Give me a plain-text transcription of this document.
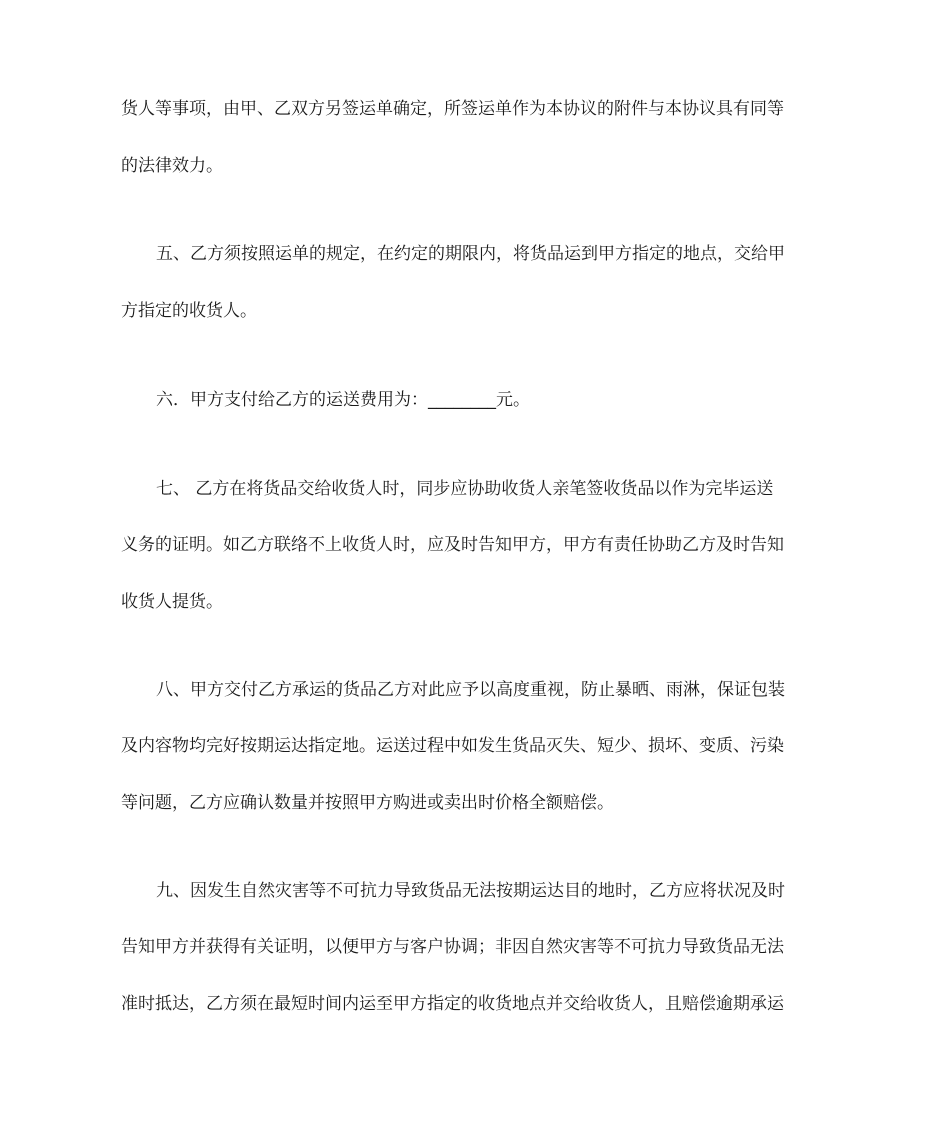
货人等事项，由甲、乙双方另签运单确定，所签运单作为本协议的附件与本协议具有同等

的法律效力。

五、乙方须按照运单的规定，在约定的期限内，将货品运到甲方指定的地点，交给甲

方指定的收货人。

六．甲方支付给乙方的运送费用为：________元。

七、 乙方在将货品交给收货人时，同步应协助收货人亲笔签收货品以作为完毕运送

义务的证明。如乙方联络不上收货人时，应及时告知甲方，甲方有责任协助乙方及时告知

收货人提货。

八、甲方交付乙方承运的货品乙方对此应予以高度重视，防止暴晒、雨淋，保证包装

及内容物均完好按期运达指定地。运送过程中如发生货品灭失、短少、损坏、变质、污染

等问题，乙方应确认数量并按照甲方购进或卖出时价格全额赔偿。

九、因发生自然灾害等不可抗力导致货品无法按期运达目的地时，乙方应将状况及时

告知甲方并获得有关证明，以便甲方与客户协调；非因自然灾害等不可抗力导致货品无法

准时抵达，乙方须在最短时间内运至甲方指定的收货地点并交给收货人，且赔偿逾期承运
